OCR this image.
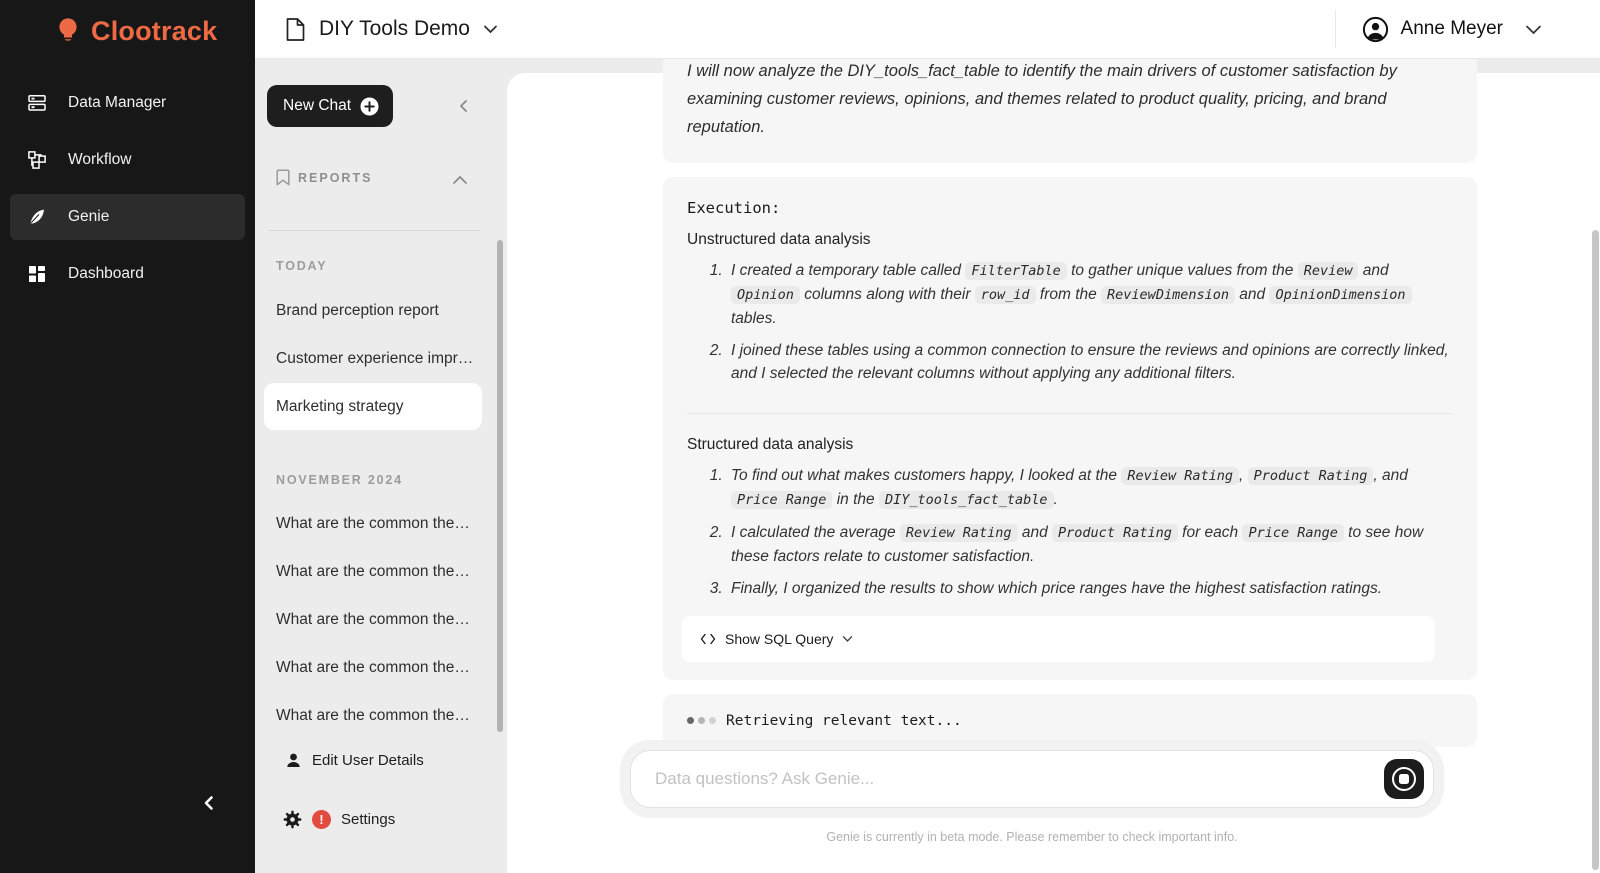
Clootrack
Data Manager
Workflow
Genie
Dashboard
DIY Tools Demo	Anne Meyer
New Chat
REPORTS
TODAY
Brand perception report
Customer experience impr…
Marketing strategy
NOVEMBER 2024
What are the common the…
What are the common the…
What are the common the…
What are the common the…
What are the common the…
Edit User Details
!	Settings
I will now analyze the DIY_tools_fact_table to identify the main drivers of customer satisfaction by
examining customer reviews, opinions, and themes related to product quality, pricing, and brand reputation.
Execution:
Unstructured data analysis
1. I created a temporary table called FilterTable to gather unique values from the Review and Opinion columns along with their row_id from the ReviewDimension and OpinionDimension tables.
2. I joined these tables using a common connection to ensure the reviews and opinions are correctly linked, and I selected the relevant columns without applying any additional filters.
Structured data analysis
1. To find out what makes customers happy, I looked at the Review Rating , Product Rating , and Price Range in the DIY_tools_fact_table .
2. I calculated the average Review Rating and Product Rating for each Price Range to see how these factors relate to customer satisfaction.
3. Finally, I organized the results to show which price ranges have the highest satisfaction ratings.
Show SQL Query
Retrieving relevant text...
Data questions? Ask Genie...
Genie is currently in beta mode. Please remember to check important info.
